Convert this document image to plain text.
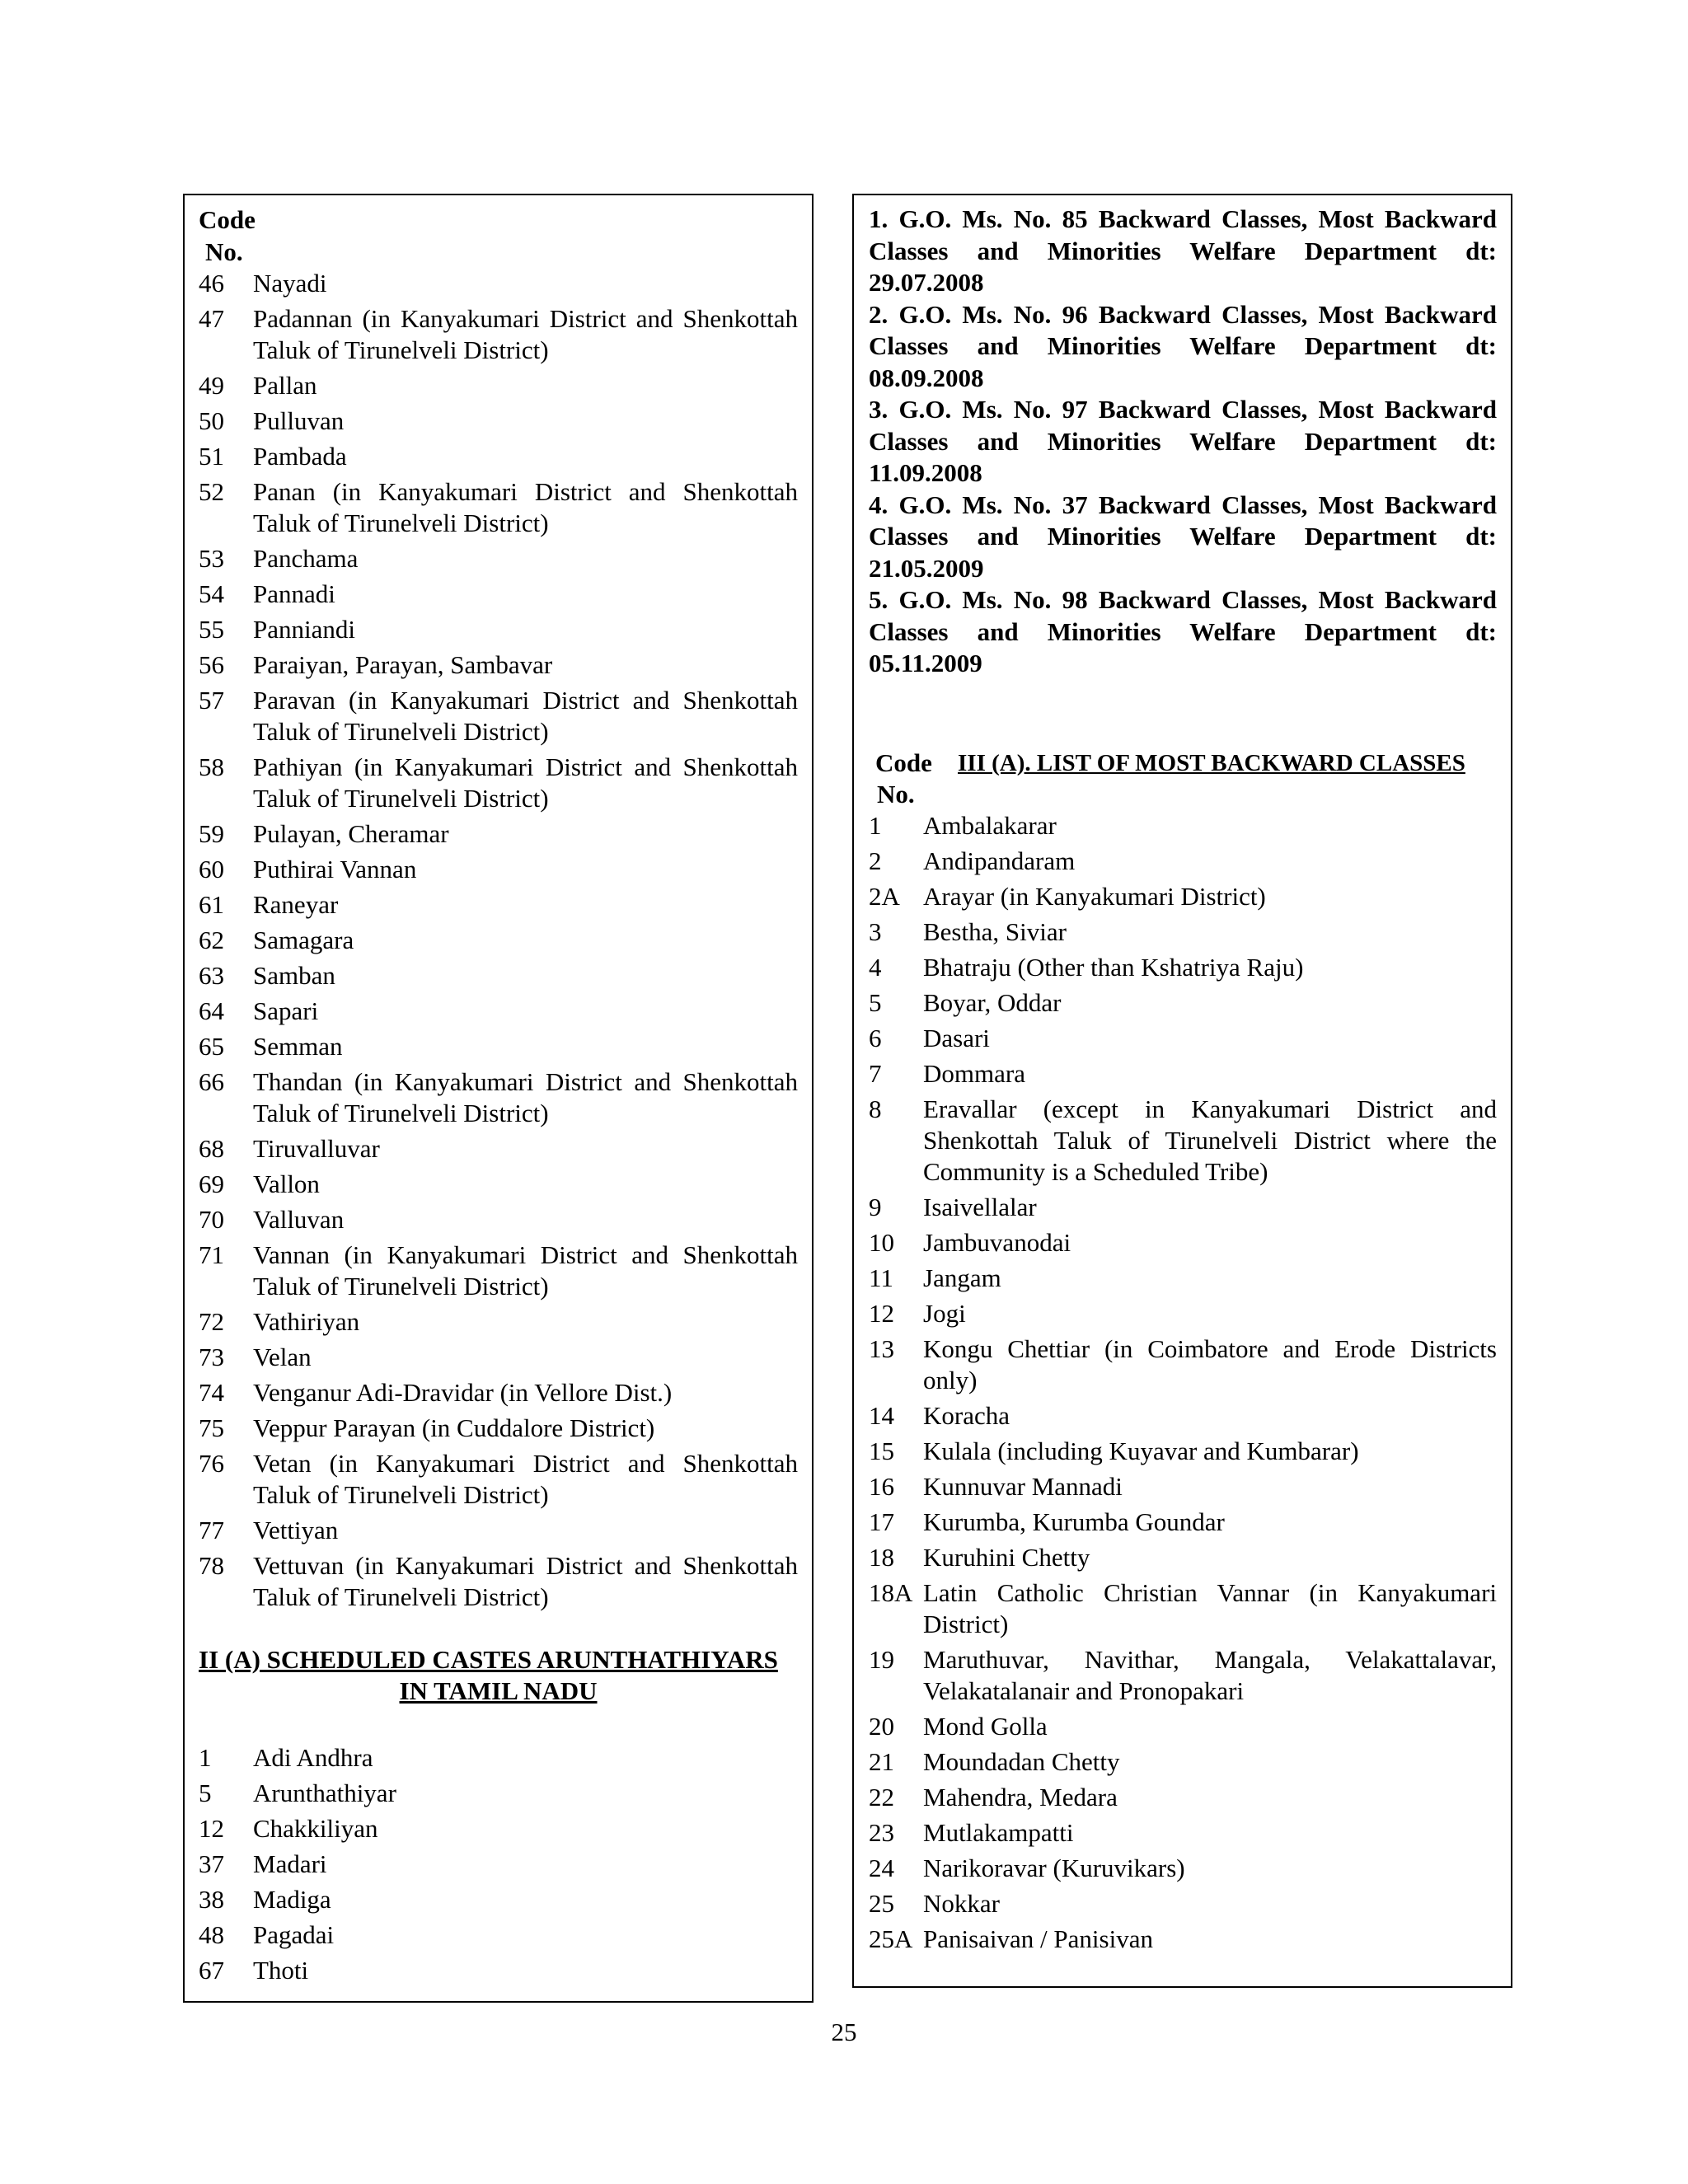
Code
No.
46	Nayadi
47	Padannan (in Kanyakumari District and Shenkottah Taluk of Tirunelveli District)
49	Pallan
50	Pulluvan
51	Pambada
52	Panan (in Kanyakumari District and Shenkottah Taluk of Tirunelveli District)
53	Panchama
54	Pannadi
55	Panniandi
56	Paraiyan, Parayan, Sambavar
57	Paravan (in Kanyakumari District and Shenkottah Taluk of Tirunelveli District)
58	Pathiyan (in Kanyakumari District and Shenkottah Taluk of Tirunelveli District)
59	Pulayan, Cheramar
60	Puthirai Vannan
61	Raneyar
62	Samagara
63	Samban
64	Sapari
65	Semman
66	Thandan (in Kanyakumari District and Shenkottah Taluk of Tirunelveli District)
68	Tiruvalluvar
69	Vallon
70	Valluvan
71	Vannan (in Kanyakumari District and Shenkottah Taluk of Tirunelveli District)
72	Vathiriyan
73	Velan
74	Venganur Adi-Dravidar (in Vellore Dist.)
75	Veppur Parayan (in Cuddalore District)
76	Vetan (in Kanyakumari District and Shenkottah Taluk of Tirunelveli District)
77	Vettiyan
78	Vettuvan (in Kanyakumari District and Shenkottah Taluk of Tirunelveli District)
II (A) SCHEDULED CASTES ARUNTHATHIYARS
IN TAMIL NADU
1	Adi Andhra
5	Arunthathiyar
12	Chakkiliyan
37	Madari
38	Madiga
48	Pagadai
67	Thoti
1. G.O. Ms. No. 85 Backward Classes, Most Backward Classes and Minorities Welfare Department dt: 29.07.2008
2. G.O. Ms. No. 96 Backward Classes, Most Backward Classes and Minorities Welfare Department dt: 08.09.2008
3. G.O. Ms. No. 97 Backward Classes, Most Backward Classes and Minorities Welfare Department dt: 11.09.2008
4. G.O. Ms. No. 37 Backward Classes, Most Backward Classes and Minorities Welfare Department dt: 21.05.2009
5. G.O. Ms. No. 98 Backward Classes, Most Backward Classes and Minorities Welfare Department dt: 05.11.2009
Code
No.
III (A). LIST OF MOST BACKWARD CLASSES
1	Ambalakarar
2	Andipandaram
2A Arayar (in Kanyakumari District)
3	Bestha, Siviar
4	Bhatraju (Other than Kshatriya Raju)
5	Boyar, Oddar
6	Dasari
7	Dommara
8	Eravallar (except in Kanyakumari District and Shenkottah Taluk of Tirunelveli District where the Community is a Scheduled Tribe)
9	Isaivellalar
10	Jambuvanodai
11	Jangam
12	Jogi
13	Kongu Chettiar (in Coimbatore and Erode Districts only)
14	Koracha
15	Kulala (including Kuyavar and Kumbarar)
16	Kunnuvar Mannadi
17	Kurumba, Kurumba Goundar
18	Kuruhini Chetty
18A Latin Catholic Christian Vannar (in Kanyakumari District)
19	Maruthuvar, Navithar, Mangala, Velakattalavar, Velakatalanair and Pronopakari
20	Mond Golla
21	Moundadan Chetty
22	Mahendra, Medara
23	Mutlakampatti
24	Narikoravar (Kuruvikars)
25	Nokkar
25A Panisaivan / Panisivan
25
